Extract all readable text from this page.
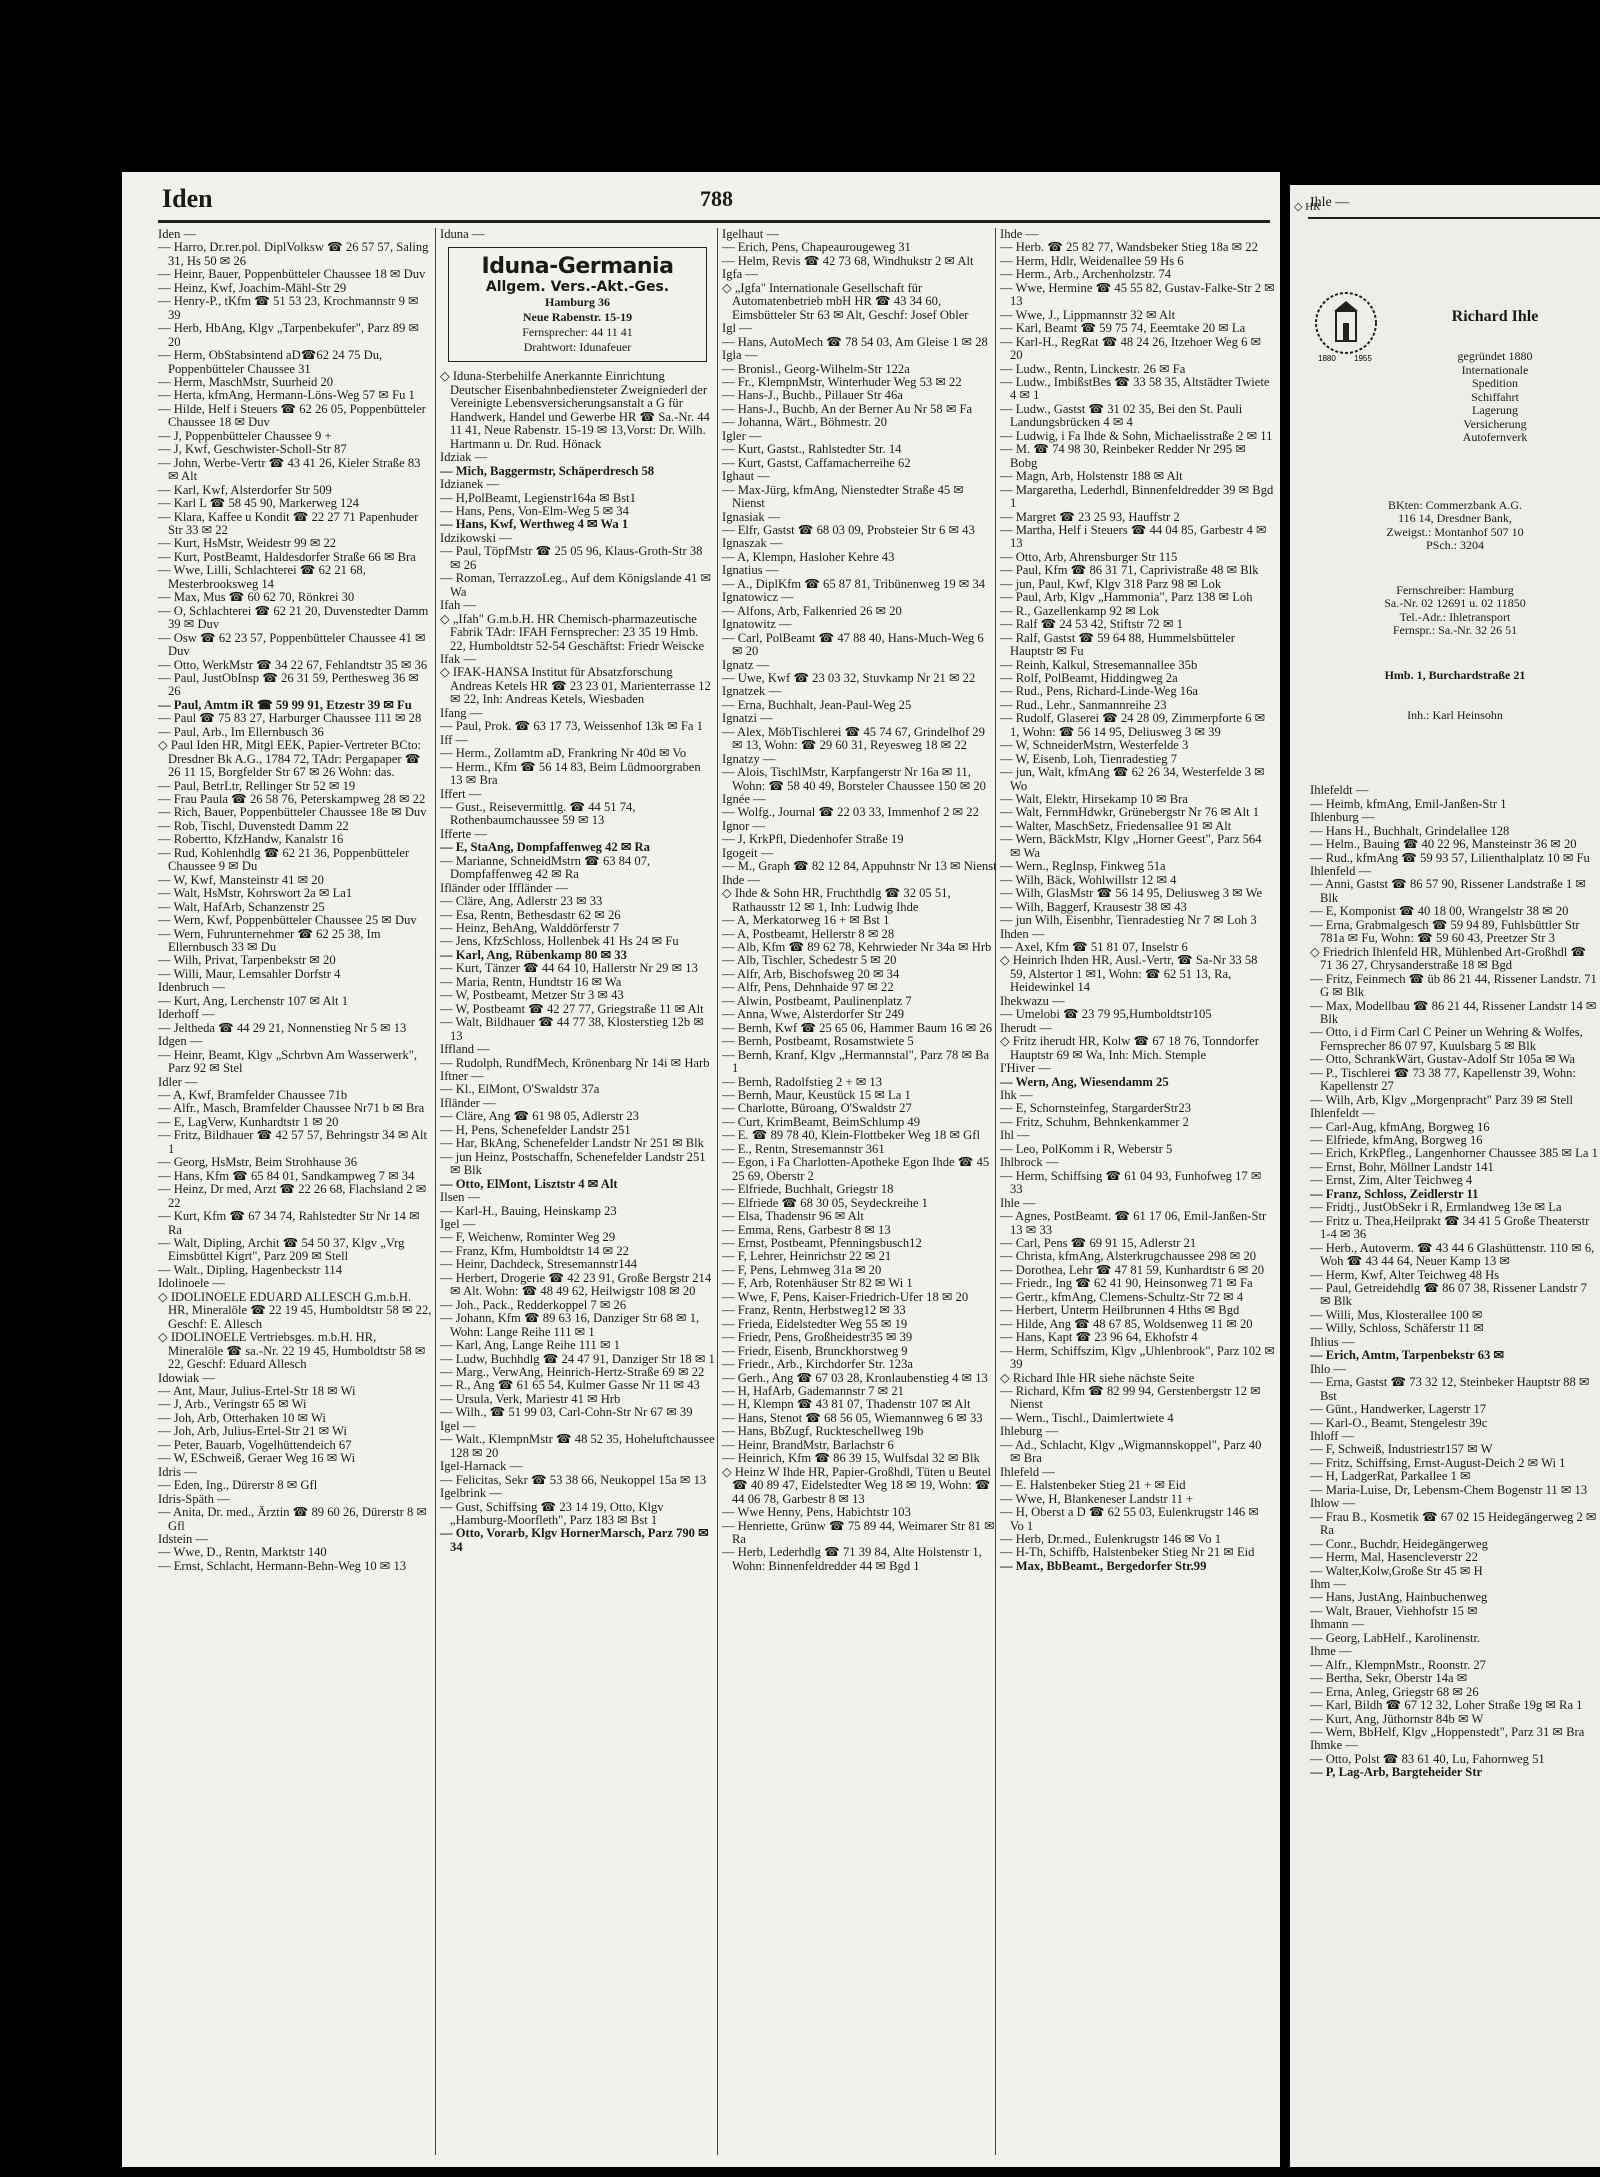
Iden	788
Iden —
— Harro, Dr.rer.pol. DiplVolksw ☎ 26 57 57, Saling 31, Hs 50 ✉ 26
— Heinr, Bauer, Poppenbütteler Chaussee 18 ✉ Duv
— Heinz, Kwf, Joachim-Mähl-Str 29
— Henry-P., tKfm ☎ 51 53 23, Krochmannstr 9 ✉ 39
— Herb, HbAng, Klgv „Tarpenbekufer", Parz 89 ✉ 20
— Herm, ObStabsintend aD☎62 24 75 Du, Poppenbütteler Chaussee 31
— Herm, MaschMstr, Suurheid 20
— Herta, kfmAng, Hermann-Löns-Weg 57 ✉ Fu 1
— Hilde, Helf i Steuers ☎ 62 26 05, Poppenbütteler Chaussee 18 ✉ Duv
— J, Poppenbütteler Chaussee 9 +
— J, Kwf, Geschwister-Scholl-Str 87
— John, Werbe-Vertr ☎ 43 41 26, Kieler Straße 83 ✉ Alt
— Karl, Kwf, Alsterdorfer Str 509
— Karl L ☎ 58 45 90, Markerweg 124
— Klara, Kaffee u Kondit ☎ 22 27 71 Papenhuder Str 33 ✉ 22
— Kurt, HsMstr, Weidestr 99 ✉ 22
— Kurt, PostBeamt, Haldesdorfer Straße 66 ✉ Bra
— Wwe, Lilli, Schlachterei ☎ 62 21 68, Mesterbrooksweg 14
— Max, Mus ☎ 60 62 70, Rönkrei 30
— O, Schlachterei ☎ 62 21 20, Duvenstedter Damm 39 ✉ Duv
— Osw ☎ 62 23 57, Poppenbütteler Chaussee 41 ✉ Duv
— Otto, WerkMstr ☎ 34 22 67, Fehlandtstr 35 ✉ 36
— Paul, JustObInsp ☎ 26 31 59, Perthesweg 36 ✉ 26
— Paul, Amtm iR ☎ 59 99 91, Etzestr 39 ✉ Fu
— Paul ☎ 75 83 27, Harburger Chaussee 111 ✉ 28
— Paul, Arb., Im Ellernbusch 36
◇ Paul Iden HR, Mitgl EEK, Papier-Vertreter BCto: Dresdner Bk A.G., 1784 72, TAdr: Pergapaper ☎ 26 11 15, Borgfelder Str 67 ✉ 26 Wohn: das.
— Paul, BetrLtr, Rellinger Str 52 ✉ 19
— Frau Paula ☎ 26 58 76, Peterskampweg 28 ✉ 22
— Rich, Bauer, Poppenbütteler Chaussee 18e ✉ Duv
— Rob, Tischl, Duvenstedt Damm 22
— Robertto, KfzHandw, Kanalstr 16
— Rud, Kohlenhdlg ☎ 62 21 36, Poppenbütteler Chaussee 9 ✉ Du
— W, Kwf, Mansteinstr 41 ✉ 20
— Walt, HsMstr, Kohrswort 2a ✉ La1
— Walt, HafArb, Schanzenstr 25
— Wern, Kwf, Poppenbütteler Chaussee 25 ✉ Duv
— Wern, Fuhrunternehmer ☎ 62 25 38, Im Ellernbusch 33 ✉ Du
— Wilh, Privat, Tarpenbekstr ✉ 20
— Willi, Maur, Lemsahler Dorfstr 4
Idenbruch —
— Kurt, Ang, Lerchenstr 107 ✉ Alt 1
Iderhoff —
— Jeltheda ☎ 44 29 21, Nonnenstieg Nr 5 ✉ 13
Idgen —
— Heinr, Beamt, Klgv „Schrbvn Am Wasserwerk", Parz 92 ✉ Stel
Idler —
— A, Kwf, Bramfelder Chaussee 71b
— Alfr., Masch, Bramfelder Chaussee Nr71 b ✉ Bra
— E, LagVerw, Kunhardtstr 1 ✉ 20
— Fritz, Bildhauer ☎ 42 57 57, Behringstr 34 ✉ Alt 1
— Georg, HsMstr, Beim Strohhause 36
— Hans, Kfm ☎ 65 84 01, Sandkampweg 7 ✉ 34
— Heinz, Dr med, Arzt ☎ 22 26 68, Flachsland 2 ✉ 22
— Kurt, Kfm ☎ 67 34 74, Rahlstedter Str Nr 14 ✉ Ra
— Walt, Dipling, Archit ☎ 54 50 37, Klgv „Vrg Eimsbüttel Kigrt", Parz 209 ✉ Stell
— Walt., Dipling, Hagenbeckstr 114
Idolinoele —
◇ IDOLINOELE EDUARD ALLESCH G.m.b.H. HR, Mineralöle ☎ 22 19 45, Humboldtstr 58 ✉ 22, Geschf: E. Allesch
◇ IDOLINOELE Vertriebsges. m.b.H. HR, Mineralöle ☎ sa.-Nr. 22 19 45, Humboldtstr 58 ✉ 22, Geschf: Eduard Allesch
Idowiak —
— Ant, Maur, Julius-Ertel-Str 18 ✉ Wi
— J, Arb., Veringstr 65 ✉ Wi
— Joh, Arb, Otterhaken 10 ✉ Wi
— Joh, Arb, Julius-Ertel-Str 21 ✉ Wi
— Peter, Bauarb, Vogelhüttendeich 67
— W, ESchweiß, Geraer Weg 16 ✉ Wi
Idris —
— Eden, Ing., Dürerstr 8 ✉ Gfl
Idris-Späth —
— Anita, Dr. med., Ärztin ☎ 89 60 26, Dürerstr 8 ✉ Gfl
Idstein —
— Wwe, D., Rentn, Marktstr 140
— Ernst, Schlacht, Hermann-Behn-Weg 10 ✉ 13
Iduna —
Iduna-Germania
Allgem. Vers.-Akt.-Ges.
Hamburg 36
Neue Rabenstr. 15-19
Fernsprecher: 44 11 41
Drahtwort: Idunafeuer
◇ Iduna-Sterbehilfe Anerkannte Einrichtung Deutscher Eisenbahnbediensteter Zweigniederl der Vereinigte Lebensversicherungsanstalt a G für Handwerk, Handel und Gewerbe HR ☎ Sa.-Nr. 44 11 41, Neue Rabenstr. 15-19 ✉ 13,Vorst: Dr. Wilh. Hartmann u. Dr. Rud. Hönack
Idziak —
— Mich, Baggermstr, Schäperdresch 58
Idzianek —
— H,PolBeamt, Legienstr164a ✉ Bst1
— Hans, Pens, Von-Elm-Weg 5 ✉ 34
— Hans, Kwf, Werthweg 4 ✉ Wa 1
Idzikowski —
— Paul, TöpfMstr ☎ 25 05 96, Klaus-Groth-Str 38 ✉ 26
— Roman, TerrazzoLeg., Auf dem Königslande 41 ✉ Wa
Ifah —
◇ „Ifah" G.m.b.H. HR Chemisch-pharmazeutische Fabrik TAdr: IFAH Fernsprecher: 23 35 19 Hmb. 22, Humboldtstr 52-54 Geschäftst: Friedr Weiscke
Ifak —
◇ IFAK-HANSA Institut für Absatzforschung Andreas Ketels HR ☎ 23 23 01, Marienterrasse 12 ✉ 22, Inh: Andreas Ketels, Wiesbaden
Ifang —
— Paul, Prok. ☎ 63 17 73, Weissenhof 13k ✉ Fa 1
Iff —
— Herm., Zollamtm aD, Frankring Nr 40d ✉ Vo
— Herm., Kfm ☎ 56 14 83, Beim Lüdmoorgraben 13 ✉ Bra
Iffert —
— Gust., Reisevermittlg. ☎ 44 51 74, Rothenbaumchaussee 59 ✉ 13
Ifferte —
— E, StaAng, Dompfaffenweg 42 ✉ Ra
— Marianne, SchneidMstrn ☎ 63 84 07, Dompfaffenweg 42 ✉ Ra
Ifländer oder Iffländer —
— Cläre, Ang, Adlerstr 23 ✉ 33
— Esa, Rentn, Bethesdastr 62 ✉ 26
— Heinz, BehAng, Walddörferstr 7
— Jens, KfzSchloss, Hollenbek 41 Hs 24 ✉ Fu
— Karl, Ang, Rübenkamp 80 ✉ 33
— Kurt, Tänzer ☎ 44 64 10, Hallerstr Nr 29 ✉ 13
— Maria, Rentn, Hundtstr 16 ✉ Wa
— W, Postbeamt, Metzer Str 3 ✉ 43
— W, Postbeamt ☎ 42 27 77, Griegstraße 11 ✉ Alt
— Walt, Bildhauer ☎ 44 77 38, Klosterstieg 12b ✉ 13
Iffland —
— Rudolph, RundfMech, Krönenbarg Nr 14i ✉ Harb
Iftner —
— Kl., ElMont, O'Swaldstr 37a
Ifländer —
— Cläre, Ang ☎ 61 98 05, Adlerstr 23
— H, Pens, Schenefelder Landstr 251
— Har, BkAng, Schenefelder Landstr Nr 251 ✉ Blk
— jun Heinz, Postschaffn, Schenefelder Landstr 251 ✉ Blk
— Otto, ElMont, Lisztstr 4 ✉ Alt
Ilsen —
— Karl-H., Bauing, Heinskamp 23
Igel —
— F, Weichenw, Rominter Weg 29
— Franz, Kfm, Humboldtstr 14 ✉ 22
— Heinr, Dachdeck, Stresemannstr144
— Herbert, Drogerie ☎ 42 23 91, Große Bergstr 214 ✉ Alt. Wohn: ☎ 48 49 62, Heilwigstr 108 ✉ 20
— Joh., Pack., Redderkoppel 7 ✉ 26
— Johann, Kfm ☎ 89 63 16, Danziger Str 68 ✉ 1, Wohn: Lange Reihe 111 ✉ 1
— Karl, Ang, Lange Reihe 111 ✉ 1
— Ludw, Buchhdlg ☎ 24 47 91, Danziger Str 18 ✉ 1
— Marg., VerwAng, Heinrich-Hertz-Straße 69 ✉ 22
— R., Ang ☎ 61 65 54, Kulmer Gasse Nr 11 ✉ 43
— Ursula, Verk, Mariestr 41 ✉ Hrb
— Wilh., ☎ 51 99 03, Carl-Cohn-Str Nr 67 ✉ 39
Igel —
— Walt., KlempnMstr ☎ 48 52 35, Hoheluftchaussee 128 ✉ 20
Igel-Harnack —
— Felicitas, Sekr ☎ 53 38 66, Neukoppel 15a ✉ 13
Igelbrink —
— Gust, Schiffsing ☎ 23 14 19, Otto, Klgv „Hamburg-Moorfleth", Parz 183 ✉ Bst 1
— Otto, Vorarb, Klgv HornerMarsch, Parz 790 ✉ 34
Igelhaut —
— Erich, Pens, Chapeaurougeweg 31
— Helm, Revis ☎ 42 73 68, Windhukstr 2 ✉ Alt
Igfa —
◇ „Igfa" Internationale Gesellschaft für Automatenbetrieb mbH HR ☎ 43 34 60, Eimsbütteler Str 63 ✉ Alt, Geschf: Josef Obler
Igl —
— Hans, AutoMech ☎ 78 54 03, Am Gleise 1 ✉ 28
Igla —
— Bronisl., Georg-Wilhelm-Str 122a
— Fr., KlempnMstr, Winterhuder Weg 53 ✉ 22
— Hans-J., Buchb., Pillauer Str 46a
— Hans-J., Buchb, An der Berner Au Nr 58 ✉ Fa
— Johanna, Wärt., Böhmestr. 20
Igler —
— Kurt, Gastst., Rahlstedter Str. 14
— Kurt, Gastst, Caffamacherreihe 62
Ighaut —
— Max-Jürg, kfmAng, Nienstedter Straße 45 ✉ Nienst
Ignasiak —
— Elfr, Gastst ☎ 68 03 09, Probsteier Str 6 ✉ 43
Ignaszak —
— A, Klempn, Hasloher Kehre 43
Ignatius —
— A., DiplKfm ☎ 65 87 81, Tribünenweg 19 ✉ 34
Ignatowicz —
— Alfons, Arb, Falkenried 26 ✉ 20
Ignatowitz —
— Carl, PolBeamt ☎ 47 88 40, Hans-Much-Weg 6 ✉ 20
Ignatz —
— Uwe, Kwf ☎ 23 03 32, Stuvkamp Nr 21 ✉ 22
Ignatzek —
— Erna, Buchhalt, Jean-Paul-Weg 25
Ignatzi —
— Alex, MöbTischlerei ☎ 45 74 67, Grindelhof 29 ✉ 13, Wohn: ☎ 29 60 31, Reyesweg 18 ✉ 22
Ignatzy —
— Alois, TischlMstr, Karpfangerstr Nr 16a ✉ 11, Wohn: ☎ 58 40 49, Borsteler Chaussee 150 ✉ 20
Ignée —
— Wolfg., Journal ☎ 22 03 33, Immenhof 2 ✉ 22
Ignor —
— J, KrkPfl, Diedenhofer Straße 19
Igogeit —
— M., Graph ☎ 82 12 84, Appuhnstr Nr 13 ✉ Nienst
Ihde —
◇ Ihde & Sohn HR, Fruchthdlg ☎ 32 05 51, Rathausstr 12 ✉ 1, Inh: Ludwig Ihde
— A, Merkatorweg 16 + ✉ Bst 1
— A, Postbeamt, Hellerstr 8 ✉ 28
— Alb, Kfm ☎ 89 62 78, Kehrwieder Nr 34a ✉ Hrb
— Alb, Tischler, Schedestr 5 ✉ 20
— Alfr, Arb, Bischofsweg 20 ✉ 34
— Alfr, Pens, Dehnhaide 97 ✉ 22
— Alwin, Postbeamt, Paulinenplatz 7
— Anna, Wwe, Alsterdorfer Str 249
— Bernh, Kwf ☎ 25 65 06, Hammer Baum 16 ✉ 26
— Bernh, Postbeamt, Rosamstwiete 5
— Bernh, Kranf, Klgv „Hermannstal", Parz 78 ✉ Ba 1
— Bernh, Radolfstieg 2 + ✉ 13
— Bernh, Maur, Keustück 15 ✉ La 1
— Charlotte, Büroang, O'Swaldstr 27
— Curt, KrimBeamt, BeimSchlump 49
— E. ☎ 89 78 40, Klein-Flottbeker Weg 18 ✉ Gfl
— E., Rentn, Stresemannstr 361
— Egon, i Fa Charlotten-Apotheke Egon Ihde ☎ 45 25 69, Oberstr 2
— Elfriede, Buchhalt, Griegstr 18
— Elfriede ☎ 68 30 05, Seydeckreihe 1
— Elsa, Thadenstr 96 ✉ Alt
— Emma, Rens, Garbestr 8 ✉ 13
— Ernst, Postbeamt, Pfenningsbusch12
— F, Lehrer, Heinrichstr 22 ✉ 21
— F, Pens, Lehmweg 31a ✉ 20
— F, Arb, Rotenhäuser Str 82 ✉ Wi 1
— Wwe, F, Pens, Kaiser-Friedrich-Ufer 18 ✉ 20
— Franz, Rentn, Herbstweg12 ✉ 33
— Frieda, Eidelstedter Weg 55 ✉ 19
— Friedr, Pens, Großheidestr35 ✉ 39
— Friedr, Eisenb, Brunckhorstweg 9
— Friedr., Arb., Kirchdorfer Str. 123a
— Gerh., Ang ☎ 67 03 28, Kronlaubenstieg 4 ✉ 13
— H, HafArb, Gademannstr 7 ✉ 21
— H, Klempn ☎ 43 81 07, Thadenstr 107 ✉ Alt
— Hans, Stenot ☎ 68 56 05, Wiemannweg 6 ✉ 33
— Hans, BbZugf, Ruckteschellweg 19b
— Heinr, BrandMstr, Barlachstr 6
— Heinrich, Kfm ☎ 86 39 15, Wulfsdal 32 ✉ Blk
◇ Heinz W Ihde HR, Papier-Großhdl, Tüten u Beutel ☎ 40 89 47, Eidelstedter Weg 18 ✉ 19, Wohn: ☎ 44 06 78, Garbestr 8 ✉ 13
— Wwe Henny, Pens, Habichtstr 103
— Henriette, Grünw ☎ 75 89 44, Weimarer Str 81 ✉ Ra
— Herb, Lederhdlg ☎ 71 39 84, Alte Holstenstr 1, Wohn: Binnenfeldredder 44 ✉ Bgd 1
Ihde —
— Herb. ☎ 25 82 77, Wandsbeker Stieg 18a ✉ 22
— Herm, Hdlr, Weidenallee 59 Hs 6
— Herm., Arb., Archenholzstr. 74
— Wwe, Hermine ☎ 45 55 82, Gustav-Falke-Str 2 ✉ 13
— Wwe, J., Lippmannstr 32 ✉ Alt
— Karl, Beamt ☎ 59 75 74, Eeemtake 20 ✉ La
— Karl-H., RegRat ☎ 48 24 26, Itzehoer Weg 6 ✉ 20
— Ludw., Rentn, Linckestr. 26 ✉ Fa
— Ludw., ImbißstBes ☎ 33 58 35, Altstädter Twiete 4 ✉ 1
— Ludw., Gastst ☎ 31 02 35, Bei den St. Pauli Landungsbrücken 4 ✉ 4
— Ludwig, i Fa Ihde & Sohn, Michaelisstraße 2 ✉ 11
— M. ☎ 74 98 30, Reinbeker Redder Nr 295 ✉ Bobg
— Magn, Arb, Holstenstr 188 ✉ Alt
— Margaretha, Lederhdl, Binnenfeldredder 39 ✉ Bgd 1
— Margret ☎ 23 25 93, Hauffstr 2
— Martha, Helf i Steuers ☎ 44 04 85, Garbestr 4 ✉ 13
— Otto, Arb, Ahrensburger Str 115
— Paul, Kfm ☎ 86 31 71, Caprivistraße 48 ✉ Blk
— jun, Paul, Kwf, Klgv 318 Parz 98 ✉ Lok
— Paul, Arb, Klgv „Hammonia", Parz 138 ✉ Loh
— R., Gazellenkamp 92 ✉ Lok
— Ralf ☎ 24 53 42, Stiftstr 72 ✉ 1
— Ralf, Gastst ☎ 59 64 88, Hummelsbütteler Hauptstr ✉ Fu
— Reinh, Kalkul, Stresemannallee 35b
— Rolf, PolBeamt, Hiddingweg 2a
— Rud., Pens, Richard-Linde-Weg 16a
— Rud., Lehr., Sanmannreihe 23
— Rudolf, Glaserei ☎ 24 28 09, Zimmerpforte 6 ✉ 1, Wohn: ☎ 56 14 95, Deliusweg 3 ✉ 39
— W, SchneiderMstrn, Westerfelde 3
— W, Eisenb, Loh, Tienradestieg 7
— jun, Walt, kfmAng ☎ 62 26 34, Westerfelde 3 ✉ Wo
— Walt, Elektr, Hirsekamp 10 ✉ Bra
— Walt, FernmHdwkr, Grünebergstr Nr 76 ✉ Alt 1
— Walter, MaschSetz, Friedensallee 91 ✉ Alt
— Wern, BäckMstr, Klgv „Horner Geest", Parz 564 ✉ Wa
— Wern., RegInsp, Finkweg 51a
— Wilh, Bäck, Wohlwillstr 12 ✉ 4
— Wilh, GlasMstr ☎ 56 14 95, Deliusweg 3 ✉ We
— Wilh, Baggerf, Krausestr 38 ✉ 43
— jun Wilh, Eisenbhr, Tienradestieg Nr 7 ✉ Loh 3
Ihden —
— Axel, Kfm ☎ 51 81 07, Inselstr 6
◇ Heinrich Ihden HR, Ausl.-Vertr, ☎ Sa-Nr 33 58 59, Alstertor 1 ✉1, Wohn: ☎ 62 51 13, Ra, Heidewinkel 14
Ihekwazu —
— Umelobi ☎ 23 79 95,Humboldtstr105
Iherudt —
◇ Fritz iherudt HR, Kolw ☎ 67 18 76, Tonndorfer Hauptstr 69 ✉ Wa, Inh: Mich. Stemple
I'Hiver —
— Wern, Ang, Wiesendamm 25
Ihk —
— E, Schornsteinfeg, StargarderStr23
— Fritz, Schuhm, Behnkenkammer 2
Ihl —
— Leo, PolKomm i R, Weberstr 5
Ihlbrock —
— Herm, Schiffsing ☎ 61 04 93, Funhofweg 17 ✉ 33
Ihle —
— Agnes, PostBeamt. ☎ 61 17 06, Emil-Janßen-Str 13 ✉ 33
— Carl, Pens ☎ 69 91 15, Adlerstr 21
— Christa, kfmAng, Alsterkrugchaussee 298 ✉ 20
— Dorothea, Lehr ☎ 47 81 59, Kunhardtstr 6 ✉ 20
— Friedr., Ing ☎ 62 41 90, Heinsonweg 71 ✉ Fa
— Gertr., kfmAng, Clemens-Schultz-Str 72 ✉ 4
— Herbert, Unterm Heilbrunnen 4 Hths ✉ Bgd
— Hilde, Ang ☎ 48 67 85, Woldsenweg 11 ✉ 20
— Hans, Kapt ☎ 23 96 64, Ekhofstr 4
— Herm, Schiffszim, Klgv „Uhlenbrook", Parz 102 ✉ 39
◇ Richard Ihle HR siehe nächste Seite
— Richard, Kfm ☎ 82 99 94, Gerstenbergstr 12 ✉ Nienst
— Wern., Tischl., Daimlertwiete 4
Ihleburg —
— Ad., Schlacht, Klgv „Wigmannskoppel", Parz 40 ✉ Bra
Ihlefeld —
— E. Halstenbeker Stieg 21 + ✉ Eid
— Wwe, H, Blankeneser Landstr 11 +
— H, Oberst a D ☎ 62 55 03, Eulenkrugstr 146 ✉ Vo 1
— Herb, Dr.med., Eulenkrugstr 146 ✉ Vo 1
— H-Th, Schiffb, Halstenbeker Stieg Nr 21 ✉ Eid
— Max, BbBeamt., Bergedorfer Str.99
Ihle —
◇ HR

1880 1955

Richard Ihle

gegründet 1880
Internationale
Spedition
Schiffahrt
Lagerung
Versicherung
Autofernverk

BKten: Commerzbank A.G.
116 14, Dresdner Bank,
Zweigst.: Montanhof 507 10
PSch.: 3204

Fernschreiber: Hamburg
Sa.-Nr. 02 12691 u. 02 11850
Tel.-Adr.: Ihletransport
Fernspr.: Sa.-Nr. 32 26 51

Hmb. 1, Burchardstraße 21

Inh.: Karl Heinsohn

Ihlefeldt —
— Heimb, kfmAng, Emil-Janßen-Str 1
Ihlenburg —
— Hans H., Buchhalt, Grindelallee 128
— Helm., Bauing ☎ 40 22 96, Mansteinstr 36 ✉ 20
— Rud., kfmAng ☎ 59 93 57, Lilienthalplatz 10 ✉ Fu
Ihlenfeld —
— Anni, Gastst ☎ 86 57 90, Rissener Landstraße 1 ✉ Blk
— E, Komponist ☎ 40 18 00, Wrangelstr 38 ✉ 20
— Erna, Grabmalgesch ☎ 59 94 89, Fuhlsbüttler Str 781a ✉ Fu, Wohn: ☎ 59 60 43, Preetzer Str 3
◇ Friedrich Ihlenfeld HR, Mühlenbed Art-Großhdl ☎ 71 36 27, Chrysanderstraße 18 ✉ Bgd
— Fritz, Feinmech ☎ üb 86 21 44, Rissener Landstr. 71 G ✉ Blk
— Max, Modellbau ☎ 86 21 44, Rissener Landstr 14 ✉ Blk
— Otto, i d Firm Carl C Peiner un Wehring & Wolfes, Fernsprecher 86 07 97, Kuulsbarg 5 ✉ Blk
— Otto, SchrankWärt, Gustav-Adolf Str 105a ✉ Wa
— P., Tischlerei ☎ 73 38 77, Kapellenstr 39, Wohn: Kapellenstr 27
— Wilh, Arb, Klgv „Morgenpracht" Parz 39 ✉ Stell
Ihlenfeldt —
— Carl-Aug, kfmAng, Borgweg 16
— Elfriede, kfmAng, Borgweg 16
— Erich, KrkPfleg., Langenhorner Chaussee 385 ✉ La 1
— Ernst, Bohr, Möllner Landstr 141
— Ernst, Zim, Alter Teichweg 4
— Franz, Schloss, Zeidlerstr 11
— Fridtj., JustObSekr i R, Ermlandweg 13e ✉ La
— Fritz u. Thea,Heilprakt ☎ 34 41 5 Große Theaterstr 1-4 ✉ 36
— Herb., Autoverm. ☎ 43 44 6 Glashüttenstr. 110 ✉ 6, Woh ☎ 43 44 64, Neuer Kamp 13 ✉
— Herm, Kwf, Alter Teichweg 48 Hs
— Paul, Getreidehdlg ☎ 86 07 38, Rissener Landstr 7 ✉ Blk
— Willi, Mus, Klosterallee 100 ✉
— Willy, Schloss, Schäferstr 11 ✉
Ihlius —
— Erich, Amtm, Tarpenbekstr 63 ✉
Ihlo —
— Erna, Gastst ☎ 73 32 12, Steinbeker Hauptstr 88 ✉ Bst
— Günt., Handwerker, Lagerstr 17
— Karl-O., Beamt, Stengelestr 39c
Ihloff —
— F, Schweiß, Industriestr157 ✉ W
— Fritz, Schiffsing, Ernst-August-Deich 2 ✉ Wi 1
— H, LadgerRat, Parkallee 1 ✉
— Maria-Luise, Dr, Lebensm-Chem Bogenstr 11 ✉ 13
Ihlow —
— Frau B., Kosmetik ☎ 67 02 15 Heidegängerweg 2 ✉ Ra
— Conr., Buchdr, Heidegängerweg
— Herm, Mal, Hasencleverstr 22
— Walter,Kolw,Große Str 45 ✉ H
Ihm —
— Hans, JustAng, Hainbuchenweg
— Walt, Brauer, Viehhofstr 15 ✉
Ihmann —
— Georg, LabHelf., Karolinenstr.
Ihme —
— Alfr., KlempnMstr., Roonstr. 27
— Bertha, Sekr, Oberstr 14a ✉
— Erna, Anleg, Griegstr 68 ✉ 26
— Karl, Bildh ☎ 67 12 32, Loher Straße 19g ✉ Ra 1
— Kurt, Ang, Jüthornstr 84b ✉ W
— Wern, BbHelf, Klgv „Hoppenstedt", Parz 31 ✉ Bra
Ihmke —
— Otto, Polst ☎ 83 61 40, Lu, Fahornweg 51
— P, Lag-Arb, Bargteheider Str
